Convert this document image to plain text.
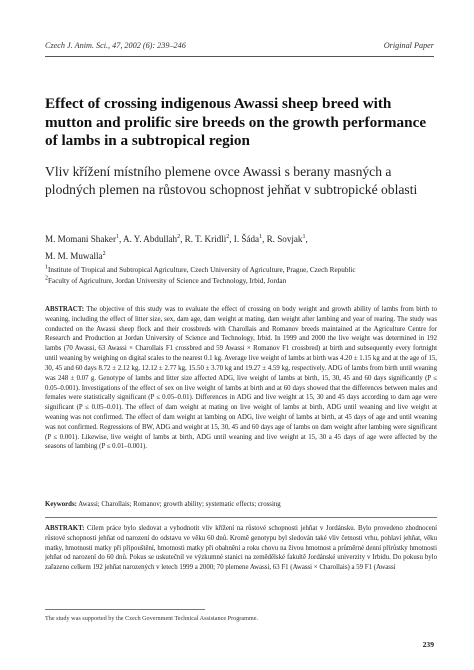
Czech J. Anim. Sci., 47, 2002 (6): 239–246	Original Paper
Effect of crossing indigenous Awassi sheep breed with mutton and prolific sire breeds on the growth performance of lambs in a subtropical region
Vliv křížení místního plemene ovce Awassi s berany masných a plodných plemen na růstovou schopnost jehňat v subtropické oblasti
M. Momani Shaker$^1$, A. Y. Abdullah$^2$, R. T. Kridli$^2$, I. Šáda$^1$, R. Sovjak$^1$,
M. M. Muwalla$^2$
$^1$Institute of Tropical and Subtropical Agriculture, Czech University of Agriculture, Prague, Czech Republic
$^2$Faculty of Agriculture, Jordan University of Science and Technology, Irbid, Jordan
ABSTRACT: The objective of this study was to evaluate the effect of crossing on body weight and growth ability of lambs from birth to weaning, including the effect of litter size, sex, dam age, dam weight at mating, dam weight after lambing and year of rearing. The study was conducted on the Awassi sheep flock and their crossbreds with Charollais and Romanov breeds maintained at the Agriculture Centre for Research and Production at Jordan University of Science and Technology, Irbid. In 1999 and 2000 the live weight was determined in 192 lambs (70 Awassi, 63 Awassi × Charollais F1 crossbred and 59 Awassi × Romanov F1 crossbred) at birth and subsequently every fortnight until weaning by weighing on digital scales to the nearest 0.1 kg. Average live weight of lambs at birth was 4.20 ± 1.15 kg and at the age of 15, 30, 45 and 60 days 8.72 ± 2.12 kg, 12.12 ± 2.77 kg, 15.50 ± 3.70 kg and 19.27 ± 4.59 kg, respectively. ADG of lambs from birth until weaning was 248 ± 0.07 g. Genotype of lambs and litter size affected ADG, live weight of lambs at birth, 15, 30, 45 and 60 days significantly (P ≤ 0.05–0.001). Investigations of the effect of sex on live weight of lambs at birth and at 60 days showed that the differences between males and females were statistically significant (P ≤ 0.05–0.01). Differences in ADG and live weight at 15, 30 and 45 days according to dam age were significant (P ≤ 0.05–0.01). The effect of dam weight at mating on live weight of lambs at birth, ADG until weaning and live weight at weaning was not confirmed. The effect of dam weight at lambing on ADG, live weight of lambs at birth, at 45 days of age and until weaning was not confirmed. Regressions of BW, ADG and weight at 15, 30, 45 and 60 days age of lambs on dam weight after lambing were significant (P ≤ 0.001). Likewise, live weight of lambs at birth, ADG until weaning and live weight at 15, 30 a 45 days of age were affected by the seasons of lambing (P ≤ 0.01–0.001).
Keywords: Awassi; Charollais; Romanov; growth ability; systematic effects; crossing
ABSTRAKT: Cílem práce bylo sledovat a vyhodnotit vliv křížení na růstové schopnosti jehňat v Jordánsku. Bylo provedeno zhodnocení růstové schopnosti jehňat od narození do odstavu ve věku 60 dnů. Kromě genotypu byl sledován také vliv četnosti vrhu, pohlaví jehňat, věku matky, hmotnosti matky při připouštění, hmotnosti matky při obahnění a roku chovu na živou hmotnost a průměrné denní přírůstky hmotnosti jehňat od narození do 60 dnů. Pokus se uskutečnil ve výzkumné stanici na zemědělské fakultě Jordánské univerzity v Irbidu. Do pokusu bylo zařazeno celkem 192 jehňat narozených v letech 1999 a 2000; 70 plemene Awassi, 63 F1 (Awassi × Charollais) a 59 F1 (Awassi
The study was supported by the Czech Government Technical Assistance Programme.
239
